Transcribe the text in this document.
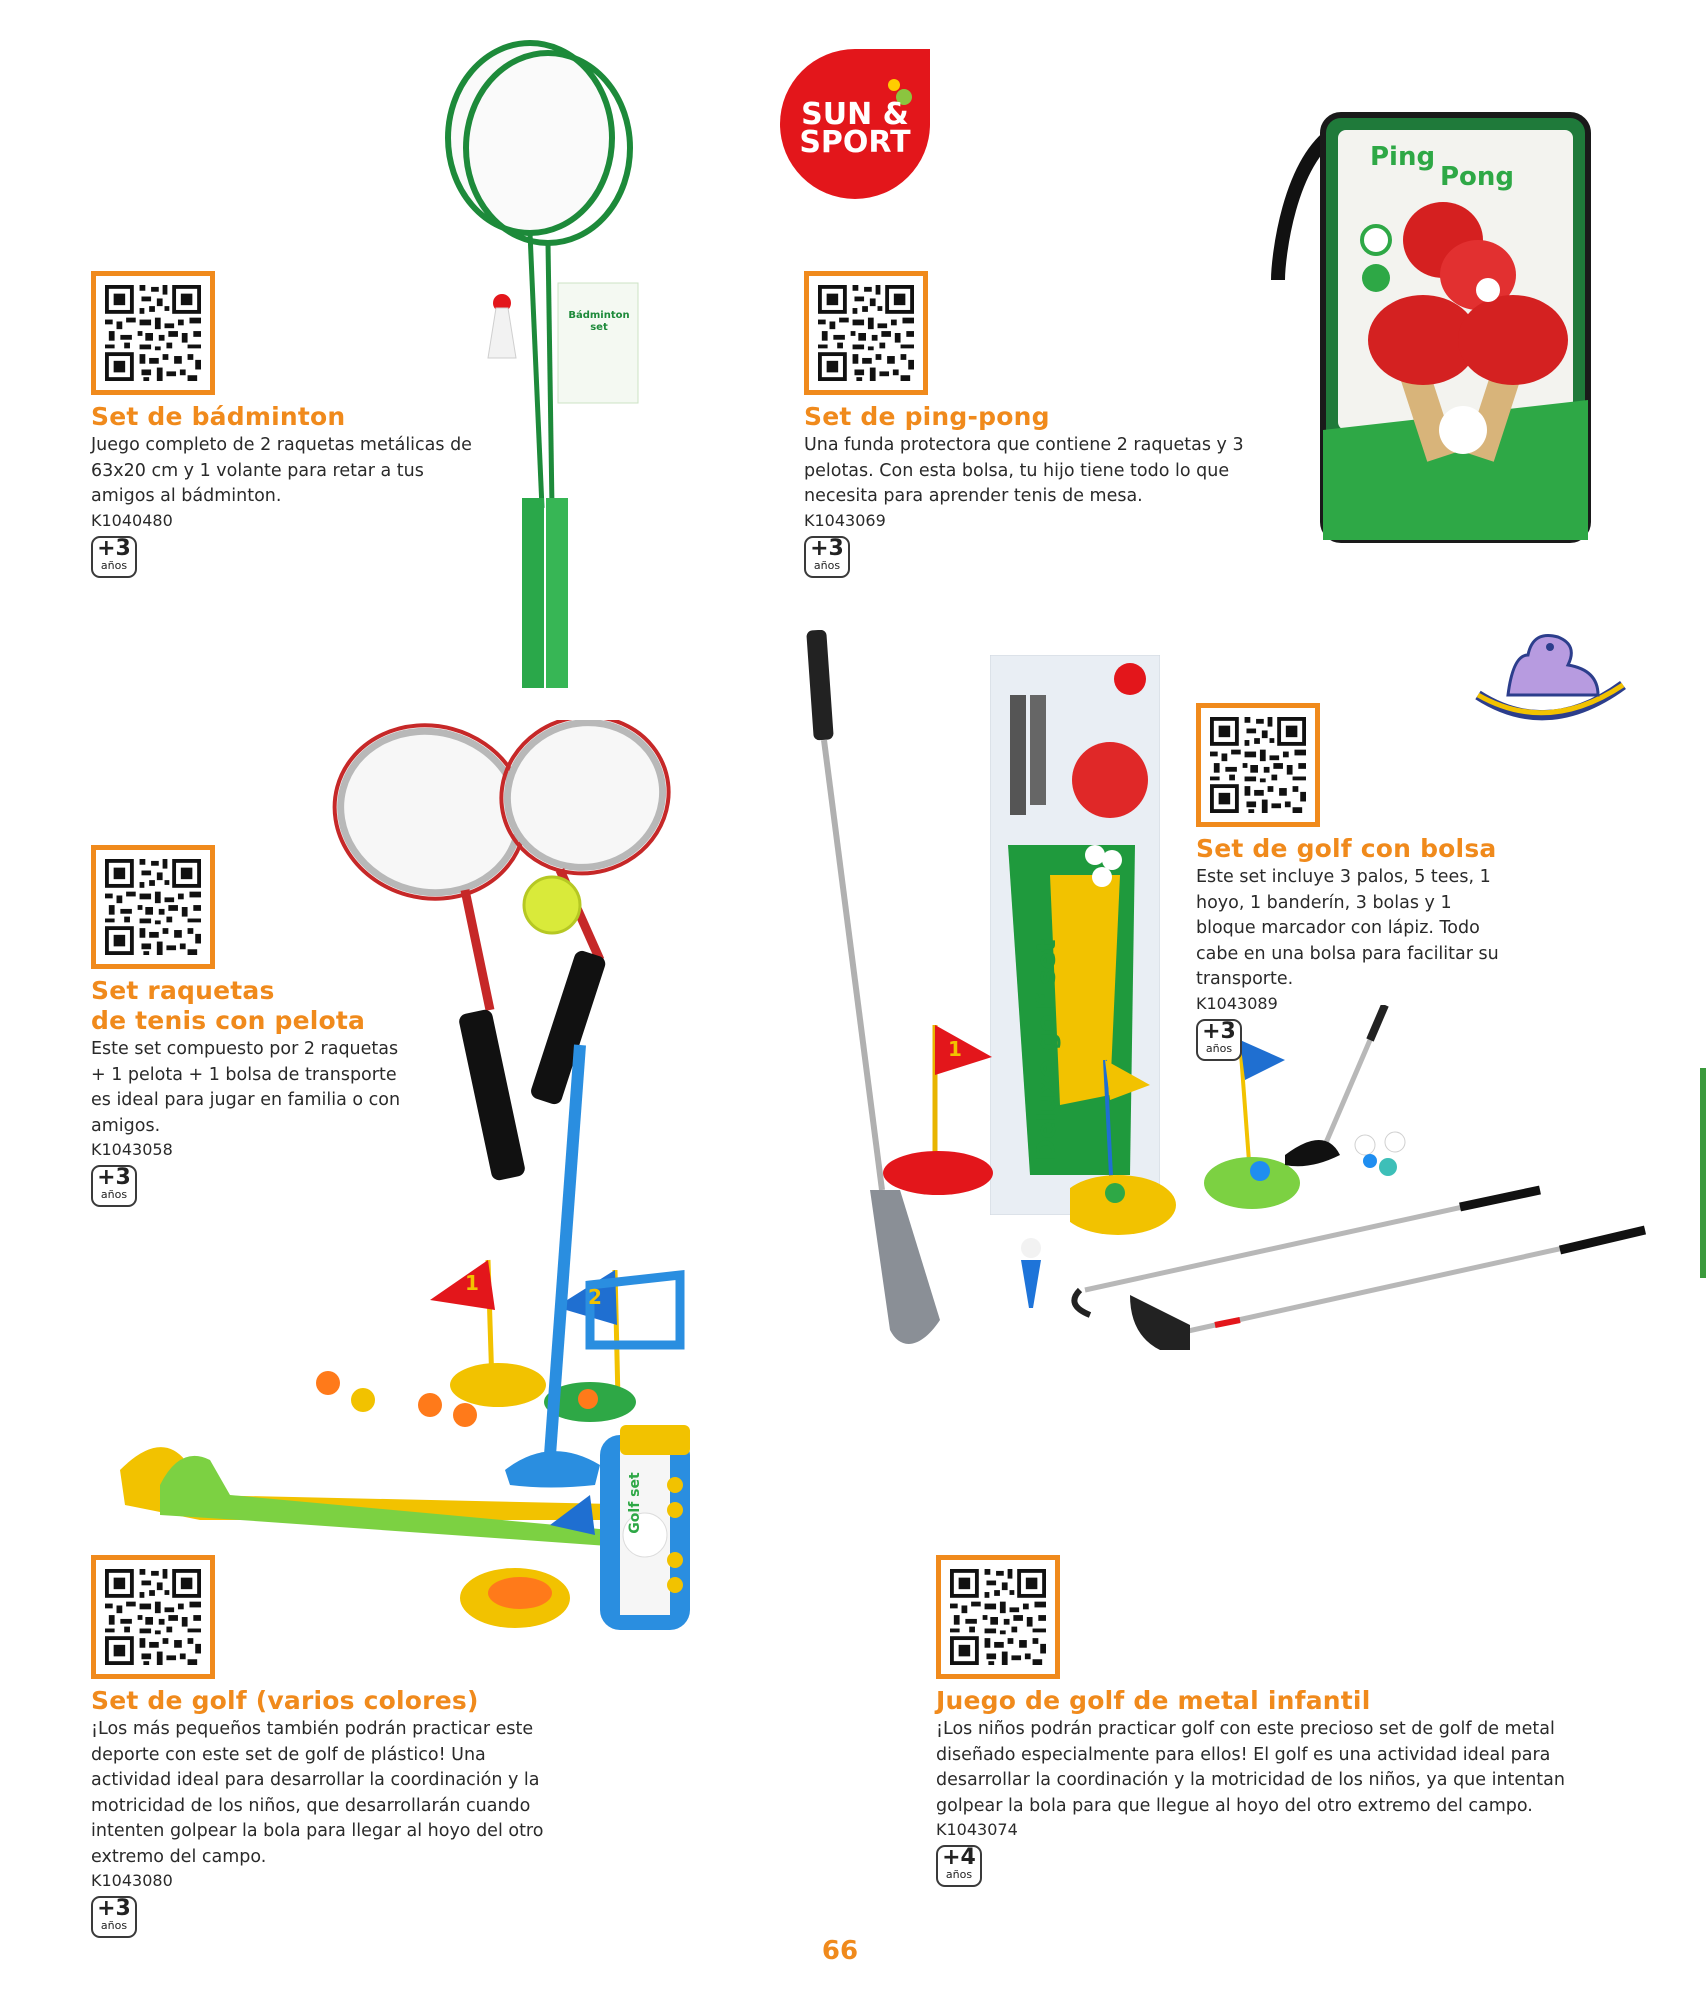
SUN &
SPORT
Bádminton set
Ping
Pong
Deluxe golf set
1
1
2
Golf set
Set de bádminton

Juego completo de 2 raquetas metálicas de 63x20 cm y 1 volante para retar a tus amigos al bádminton.

K1040480
+3
años
Set de ping-pong

Una funda protectora que contiene 2 raquetas y 3 pelotas. Con esta bolsa, tu hijo tiene todo lo que necesita para aprender tenis de mesa.

K1043069
+3
años
Set raquetas
de tenis con pelota

Este set compuesto por 2 raquetas + 1 pelota + 1 bolsa de transporte es ideal para jugar en familia o con amigos.

K1043058
+3
años
Set de golf con bolsa

Este set incluye 3 palos, 5 tees, 1 hoyo, 1 banderín, 3 bolas y 1 bloque marcador con lápiz. Todo cabe en una bolsa para facilitar su transporte.

K1043089
+3
años
Set de golf (varios colores)

¡Los más pequeños también podrán practicar este deporte con este set de golf de plástico! Una actividad ideal para desarrollar la coordinación y la motricidad de los niños, que desarrollarán cuando intenten golpear la bola para llegar al hoyo del otro extremo del campo.

K1043080
+3
años
Juego de golf de metal infantil

¡Los niños podrán practicar golf con este precioso set de golf de metal diseñado especialmente para ellos! El golf es una actividad ideal para desarrollar la coordinación y la motricidad de los niños, ya que intentan golpear la bola para que llegue al hoyo del otro extremo del campo.

K1043074
+4
años
66
